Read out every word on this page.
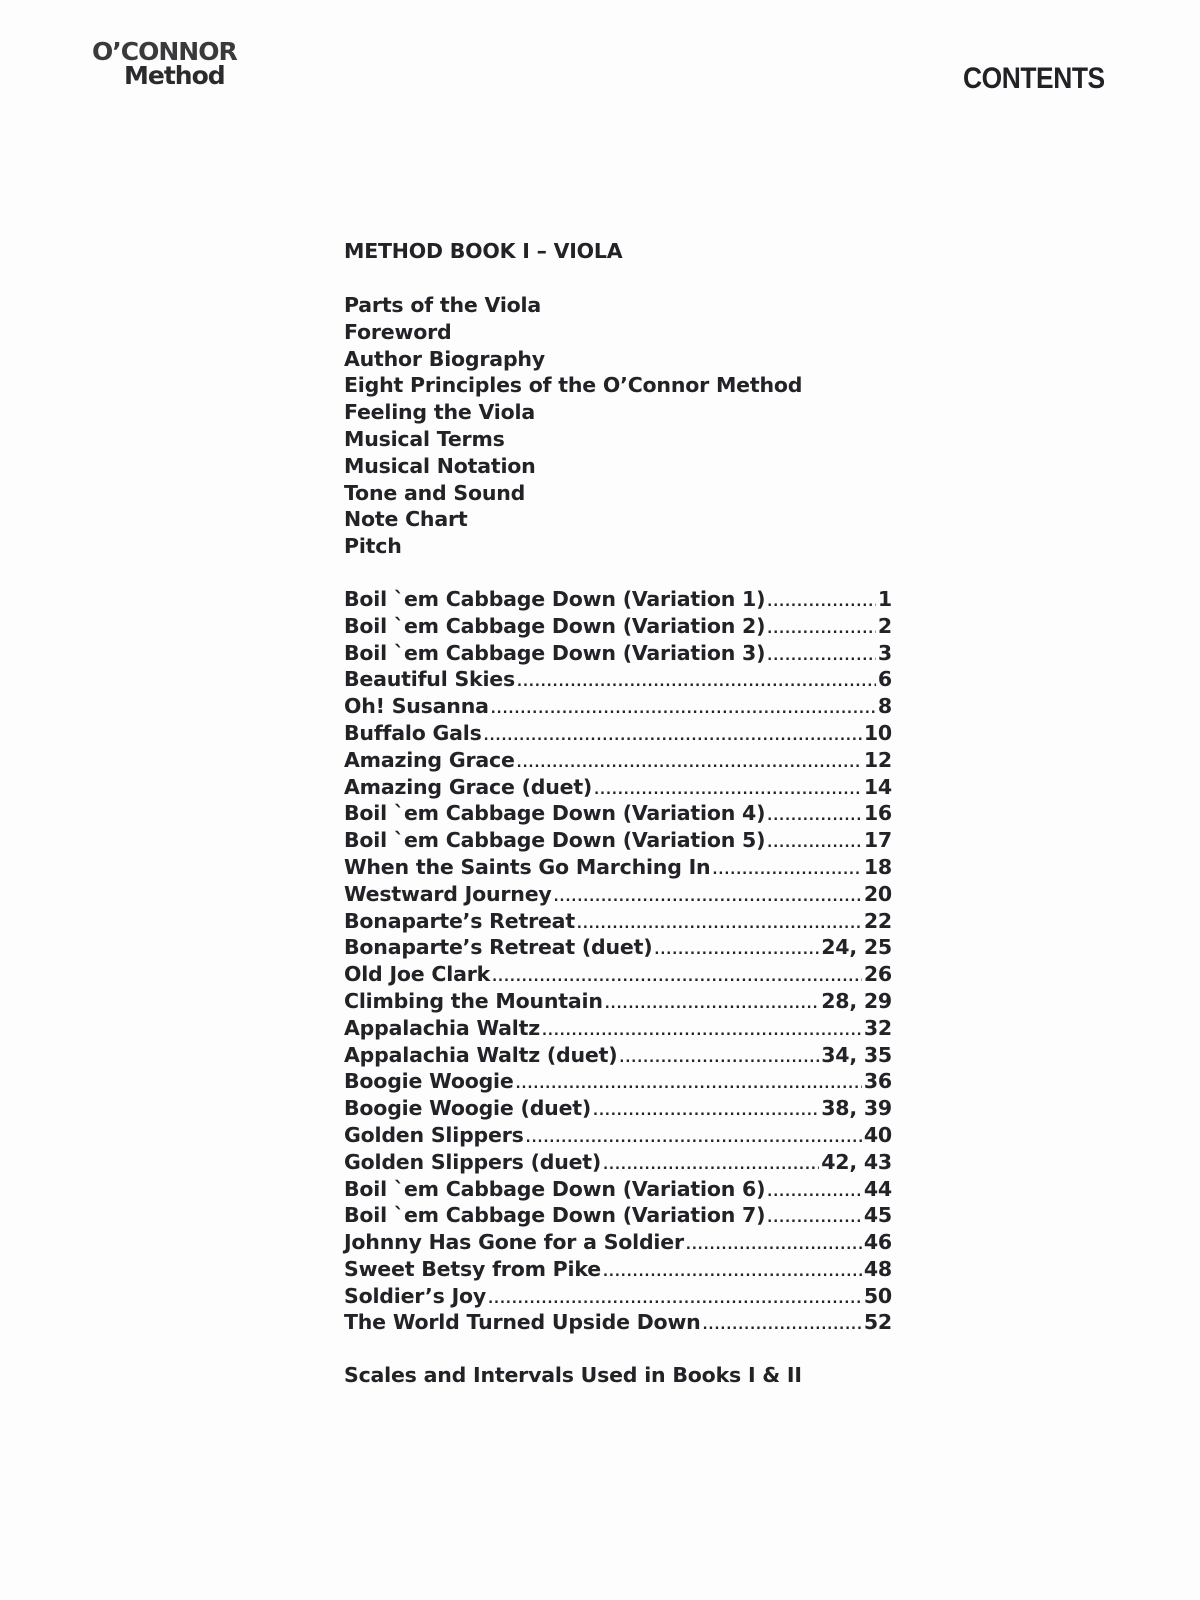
O’CONNOR
Method	CONTENTS
METHOD BOOK I – VIOLA
Parts of the Viola
Foreword
Author Biography
Eight Principles of the O’Connor Method
Feeling the Viola
Musical Terms
Musical Notation
Tone and Sound
Note Chart
Pitch
Boil `em Cabbage Down (Variation 1) .....	1
Boil `em Cabbage Down (Variation 2) .....	2
Boil `em Cabbage Down (Variation 3) .....	3
Beautiful Skies .....	6
Oh! Susanna .....	8
Buffalo Gals .....	10
Amazing Grace .....	12
Amazing Grace (duet) .....	14
Boil `em Cabbage Down (Variation 4) .....	16
Boil `em Cabbage Down (Variation 5) .....	17
When the Saints Go Marching In .....	18
Westward Journey .....	20
Bonaparte’s Retreat .....	22
Bonaparte’s Retreat (duet) .....	24, 25
Old Joe Clark .....	26
Climbing the Mountain .....	28, 29
Appalachia Waltz .....	32
Appalachia Waltz (duet) .....	34, 35
Boogie Woogie .....	36
Boogie Woogie (duet) .....	38, 39
Golden Slippers .....	40
Golden Slippers (duet) .....	42, 43
Boil `em Cabbage Down (Variation 6) .....	44
Boil `em Cabbage Down (Variation 7) .....	45
Johnny Has Gone for a Soldier .....	46
Sweet Betsy from Pike .....	48
Soldier’s Joy .....	50
The World Turned Upside Down .....	52
Scales and Intervals Used in Books I & II
